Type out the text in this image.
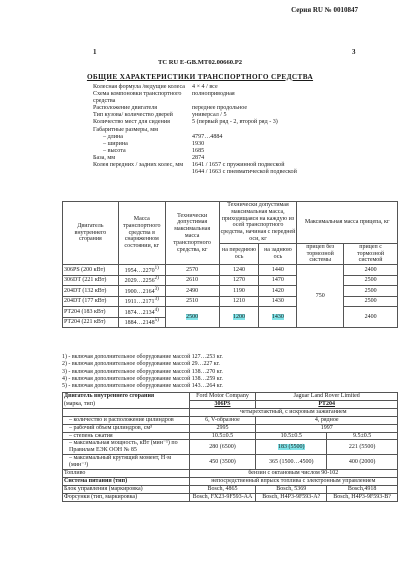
Серия RU № 0010847
1	3
ТС RU E-GB.MT02.00660.P2
ОБЩИЕ ХАРАКТЕРИСТИКИ ТРАНСПОРТНОГО СРЕДСТВА
Колесная формула /ведущие колеса 4 × 4 / все
Схема компоновки транспортного полноприводная
средства
Расположение двигателя	переднее продольное
Тип кузова/ количество дверей	универсал / 5
Количество мест для сидения	5 (первый ряд - 2, второй ряд - 3)
Габаритные размеры, мм
– длина	4797…4884
– ширина	1930
– высота	1685
База, мм	2874
Колея передних / задних колес, мм 1641 / 1657 с пружинной подвеской
1644 / 1663 с пневматической подвеской
Двигатель внутреннего сгорания	Масса транспортного средства в снаряженном состоянии, кг	Технически допустимая максимальная масса транспортного средства, кг	Технически допустимая максимальная масса, приходящаяся на каждую из осей транспортного средства, начиная с передней оси, кг		Максимальная масса прицепа, кг	
			на переднюю ось	на заднюю ось	прицеп без тормозной системы	прицеп с тормозной системой
306PS (200 кВт)	1954…2270$^{1)}$	2570	1240	1440	750	2400
306DT (221 кВт)	2029…2256$^{2)}$	2610	1270	1470		2500
204DT (132 кВт)	1900…2164$^{3)}$	2490	1190	1420		2500
204DT (177 кВт)	1911…2171$^{3)}$	2510	1210	1430		2500
PT204 (183 кВт)	1874…2134$^{4)}$	2500	1200	1430		2400
PT204 (221 кВт)	1884…2148$^{5)}$
1) - включая дополнительное оборудование массой 127…253 кг.
2) - включая дополнительное оборудование массой 29…227 кг.
3) - включая дополнительное оборудование массой 138…270 кг.
4) - включая дополнительное оборудование массой 138…259 кг.
5) - включая дополнительное оборудование массой 143…264 кг.
Двигатель внутреннего сгорания	Ford Motor Company	Jaguar Land Rover Limited	
(марка, тип)	306PS	PT204	
	четырехтактный, с искровым зажиганием		
– количество и расположение цилиндров	6, V-образное	4, рядное	
– рабочий объем цилиндров, см³	2995	1997	
– степень сжатия	10.5±0.5	10.5±0.5	9.5±0.5
– максимальная мощность, кВт (мин⁻¹) по Правилам ЕЭК ООН № 85	280 (6500)	183 (5500)	221 (5500)
– максимальный крутящий момент, Н·м (мин⁻¹)	450 (3500)	365 (1500…4500)	400 (2000)
Топливо	бензин с октановым числом 90-102		
Система питания (тип)	непосредственный впрыск топлива с электронным управлением		
Блок управления (маркировка)	Bosch, 4865	Bosch, 5369	Bosch,4918
Форсунки (тип, маркировка)	Bosch, FX23-9F593-AA	Bosch, H4P3-9F593-A?	Bosch, H4P3-9F593-B?
